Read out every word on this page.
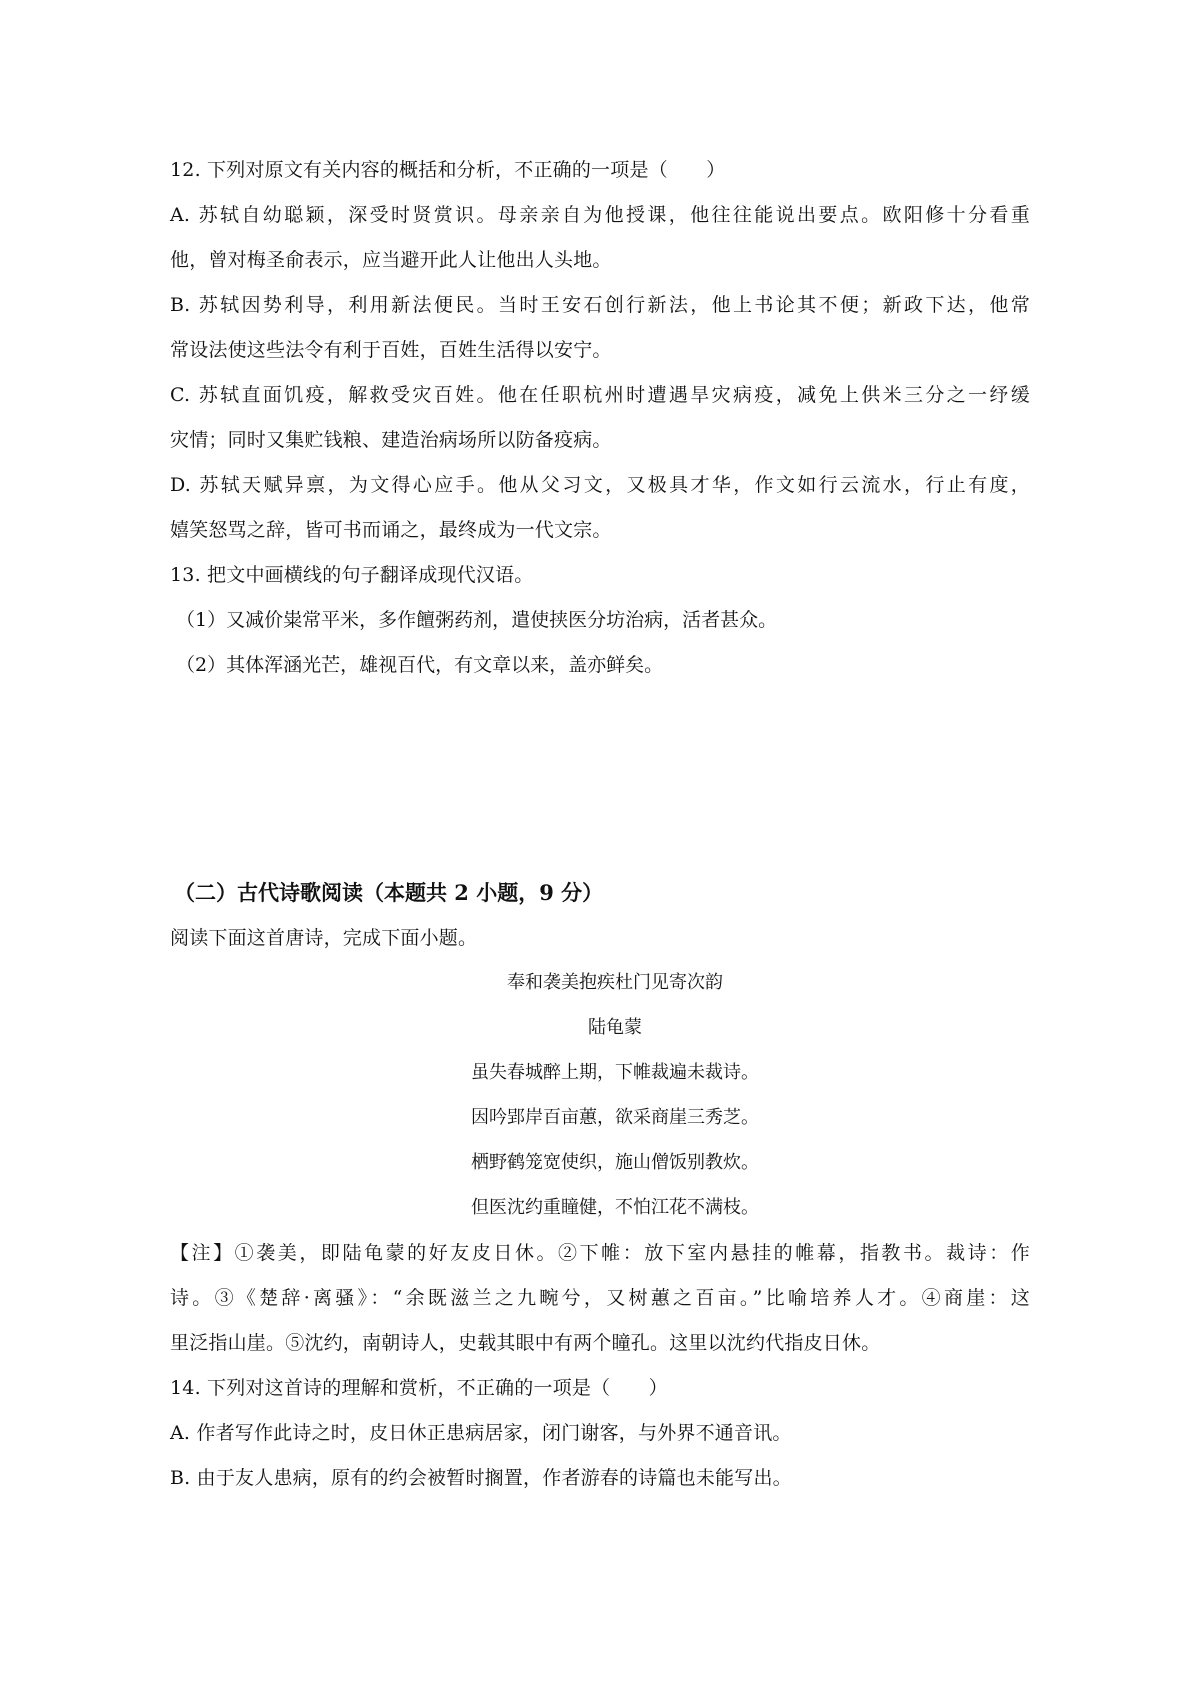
12. 下列对原文有关内容的概括和分析，不正确的一项是（　　）
A. 苏轼自幼聪颖，深受时贤赏识。母亲亲自为他授课，他往往能说出要点。欧阳修十分看重
他，曾对梅圣俞表示，应当避开此人让他出人头地。
B. 苏轼因势利导，利用新法便民。当时王安石创行新法，他上书论其不便；新政下达，他常
常设法使这些法令有利于百姓，百姓生活得以安宁。
C. 苏轼直面饥疫，解救受灾百姓。他在任职杭州时遭遇旱灾病疫，减免上供米三分之一纾缓
灾情；同时又集贮钱粮、建造治病场所以防备疫病。
D. 苏轼天赋异禀，为文得心应手。他从父习文，又极具才华，作文如行云流水，行止有度，
嬉笑怒骂之辞，皆可书而诵之，最终成为一代文宗。
13. 把文中画横线的句子翻译成现代汉语。
（1）又减价粜常平米，多作饘粥药剂，遣使挟医分坊治病，活者甚众。
（2）其体浑涵光芒，雄视百代，有文章以来，盖亦鲜矣。
（二）古代诗歌阅读（本题共 2 小题，9 分）
阅读下面这首唐诗，完成下面小题。
奉和袭美抱疾杜门见寄次韵
陆龟蒙
虽失春城醉上期，下帷裁遍未裁诗。
因吟郢岸百亩蕙，欲采商崖三秀芝。
栖野鹤笼宽使织，施山僧饭别教炊。
但医沈约重瞳健，不怕江花不满枝。
【注】①袭美，即陆龟蒙的好友皮日休。②下帷：放下室内悬挂的帷幕，指教书。裁诗：作
诗。③《楚辞·离骚》：“余既滋兰之九畹兮，又树蕙之百亩。”比喻培养人才。④商崖：这
里泛指山崖。⑤沈约，南朝诗人，史载其眼中有两个瞳孔。这里以沈约代指皮日休。
14. 下列对这首诗的理解和赏析，不正确的一项是（　　）
A. 作者写作此诗之时，皮日休正患病居家，闭门谢客，与外界不通音讯。
B. 由于友人患病，原有的约会被暂时搁置，作者游春的诗篇也未能写出。
